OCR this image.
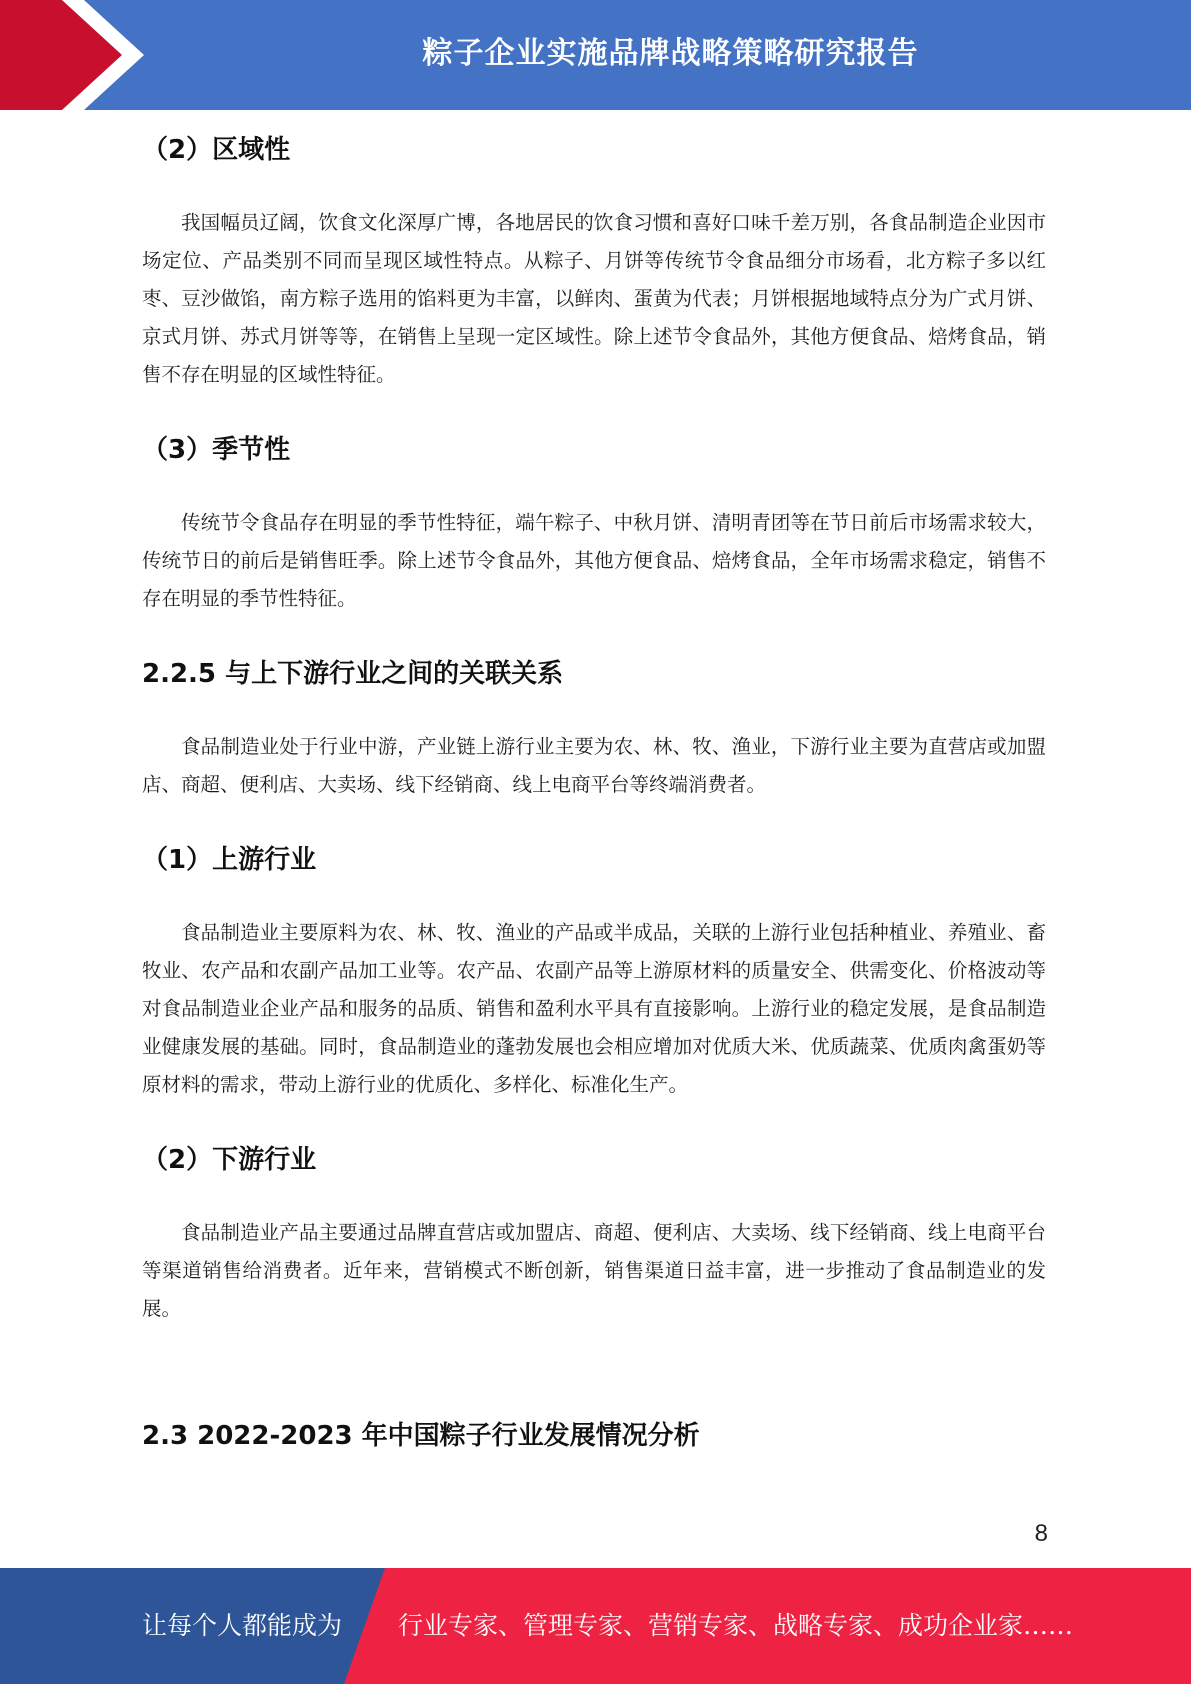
粽子企业实施品牌战略策略研究报告
（2）区域性

我国幅员辽阔，饮食文化深厚广博，各地居民的饮食习惯和喜好口味千差万别，各食品制造企业因市场定位、产品类别不同而呈现区域性特点。从粽子、月饼等传统节令食品细分市场看，北方粽子多以红枣、豆沙做馅，南方粽子选用的馅料更为丰富，以鲜肉、蛋黄为代表；月饼根据地域特点分为广式月饼、京式月饼、苏式月饼等等，在销售上呈现一定区域性。除上述节令食品外，其他方便食品、焙烤食品，销售不存在明显的区域性特征。

（3）季节性

传统节令食品存在明显的季节性特征，端午粽子、中秋月饼、清明青团等在节日前后市场需求较大，传统节日的前后是销售旺季。除上述节令食品外，其他方便食品、焙烤食品，全年市场需求稳定，销售不存在明显的季节性特征。

2.2.5 与上下游行业之间的关联关系

食品制造业处于行业中游，产业链上游行业主要为农、林、牧、渔业，下游行业主要为直营店或加盟店、商超、便利店、大卖场、线下经销商、线上电商平台等终端消费者。

（1）上游行业

食品制造业主要原料为农、林、牧、渔业的产品或半成品，关联的上游行业包括种植业、养殖业、畜牧业、农产品和农副产品加工业等。农产品、农副产品等上游原材料的质量安全、供需变化、价格波动等对食品制造业企业产品和服务的品质、销售和盈利水平具有直接影响。上游行业的稳定发展，是食品制造业健康发展的基础。同时，食品制造业的蓬勃发展也会相应增加对优质大米、优质蔬菜、优质肉禽蛋奶等原材料的需求，带动上游行业的优质化、多样化、标准化生产。

（2）下游行业

食品制造业产品主要通过品牌直营店或加盟店、商超、便利店、大卖场、线下经销商、线上电商平台等渠道销售给消费者。近年来，营销模式不断创新，销售渠道日益丰富，进一步推动了食品制造业的发展。

2.3 2022-2023 年中国粽子行业发展情况分析
8
让每个人都能成为 行业专家、管理专家、营销专家、战略专家、成功企业家……
